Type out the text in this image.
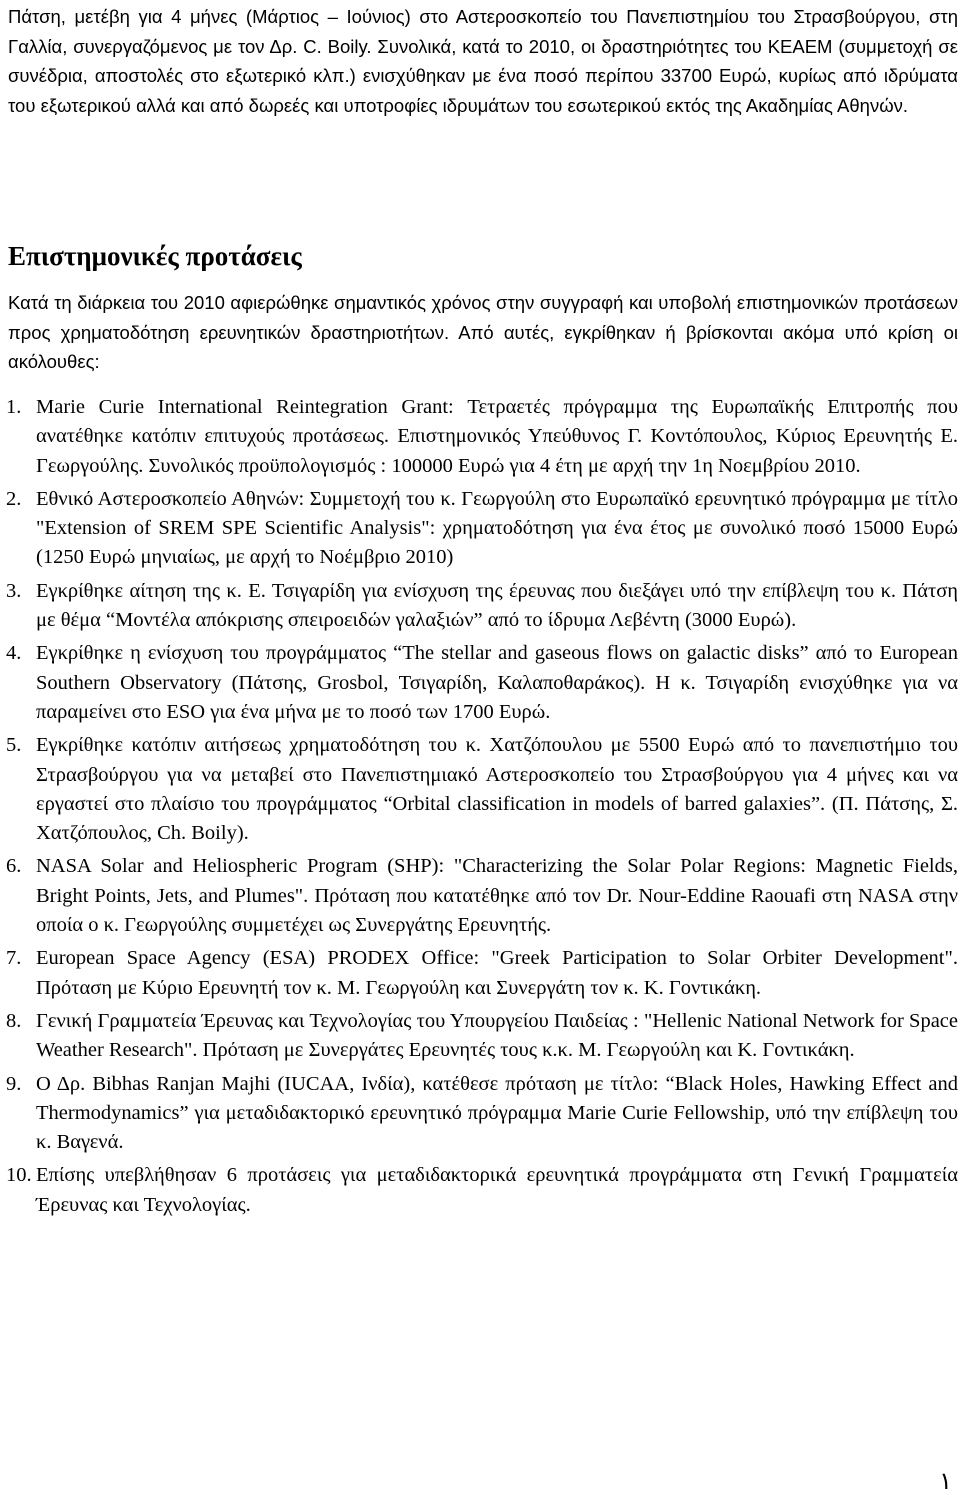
Πάτση, μετέβη για 4 μήνες (Μάρτιος – Ιούνιος) στο Αστεροσκοπείο του Πανεπιστημίου του Στρασβούργου, στη Γαλλία, συνεργαζόμενος με τον Δρ. C. Boily. Συνολικά, κατά το 2010, οι δραστηριότητες του ΚΕΑΕΜ (συμμετοχή σε συνέδρια, αποστολές στο εξωτερικό κλπ.) ενισχύθηκαν με ένα ποσό περίπου 33700 Ευρώ, κυρίως από ιδρύματα του εξωτερικού αλλά και από δωρεές και υποτροφίες ιδρυμάτων του εσωτερικού εκτός της Ακαδημίας Αθηνών.

Επιστημονικές προτάσεις

Κατά τη διάρκεια του 2010 αφιερώθηκε σημαντικός χρόνος στην συγγραφή και υποβολή επιστημονικών προτάσεων προς χρηματοδότηση ερευνητικών δραστηριοτήτων. Από αυτές, εγκρίθηκαν ή βρίσκονται ακόμα υπό κρίση οι ακόλουθες:

1. Marie Curie International Reintegration Grant: Τετραετές πρόγραμμα της Ευρωπαϊκής Επιτροπής που ανατέθηκε κατόπιν επιτυχούς προτάσεως. Επιστημονικός Υπεύθυνος Γ. Κοντόπουλος, Κύριος Ερευνητής Ε. Γεωργούλης. Συνολικός προϋπολογισμός : 100000 Ευρώ για 4 έτη με αρχή την 1η Νοεμβρίου 2010.
2. Εθνικό Αστεροσκοπείο Αθηνών: Συμμετοχή του κ. Γεωργούλη στο Ευρωπαϊκό ερευνητικό πρόγραμμα με τίτλο "Extension of SREM SPE Scientific Analysis": χρηματοδότηση για ένα έτος με συνολικό ποσό 15000 Ευρώ (1250 Ευρώ μηνιαίως, με αρχή το Νοέμβριο 2010)
3. Εγκρίθηκε αίτηση της κ. Ε. Τσιγαρίδη για ενίσχυση της έρευνας που διεξάγει υπό την επίβλεψη του κ. Πάτση με θέμα “Μοντέλα απόκρισης σπειροειδών γαλαξιών” από το ίδρυμα Λεβέντη (3000 Ευρώ).
4. Εγκρίθηκε η ενίσχυση του προγράμματος “The stellar and gaseous flows on galactic disks” από το European Southern Observatory (Πάτσης, Grosbol, Τσιγαρίδη, Καλαποθαράκος). Η κ. Τσιγαρίδη ενισχύθηκε για να παραμείνει στο ESO για ένα μήνα με το ποσό των 1700 Ευρώ.
5. Εγκρίθηκε κατόπιν αιτήσεως χρηματοδότηση του κ. Χατζόπουλου με 5500 Ευρώ από το πανεπιστήμιο του Στρασβούργου για να μεταβεί στο Πανεπιστημιακό Αστεροσκοπείο του Στρασβούργου για 4 μήνες και να εργαστεί στο πλαίσιο του προγράμματος “Orbital classification in models of barred galaxies”. (Π. Πάτσης, Σ. Χατζόπουλος, Ch. Boily).
6. NASA Solar and Heliospheric Program (SHP): "Characterizing the Solar Polar Regions: Magnetic Fields, Bright Points, Jets, and Plumes". Πρόταση που κατατέθηκε από τον Dr. Nour-Eddine Raouafi στη NASA στην οποία ο κ. Γεωργούλης συμμετέχει ως Συνεργάτης Ερευνητής.
7. European Space Agency (ESA) PRODEX Office: "Greek Participation to Solar Orbiter Development". Πρόταση με Κύριο Ερευνητή τον κ. Μ. Γεωργούλη και Συνεργάτη τον κ. Κ. Γοντικάκη.
8. Γενική Γραμματεία Έρευνας και Τεχνολογίας του Υπουργείου Παιδείας : "Hellenic National Network for Space Weather Research". Πρόταση με Συνεργάτες Ερευνητές τους κ.κ. Μ. Γεωργούλη και Κ. Γοντικάκη.
9. Ο Δρ. Bibhas Ranjan Majhi (IUCAA, Ινδία), κατέθεσε πρόταση με τίτλο: “Black Holes, Hawking Effect and Thermodynamics” για μεταδιδακτορικό ερευνητικό πρόγραμμα Marie Curie Fellowship, υπό την επίβλεψη του κ. Βαγενά.
10. Επίσης υπεβλήθησαν 6 προτάσεις για μεταδιδακτορικά ερευνητικά προγράμματα στη Γενική Γραμματεία Έρευνας και Τεχνολογίας.
١
